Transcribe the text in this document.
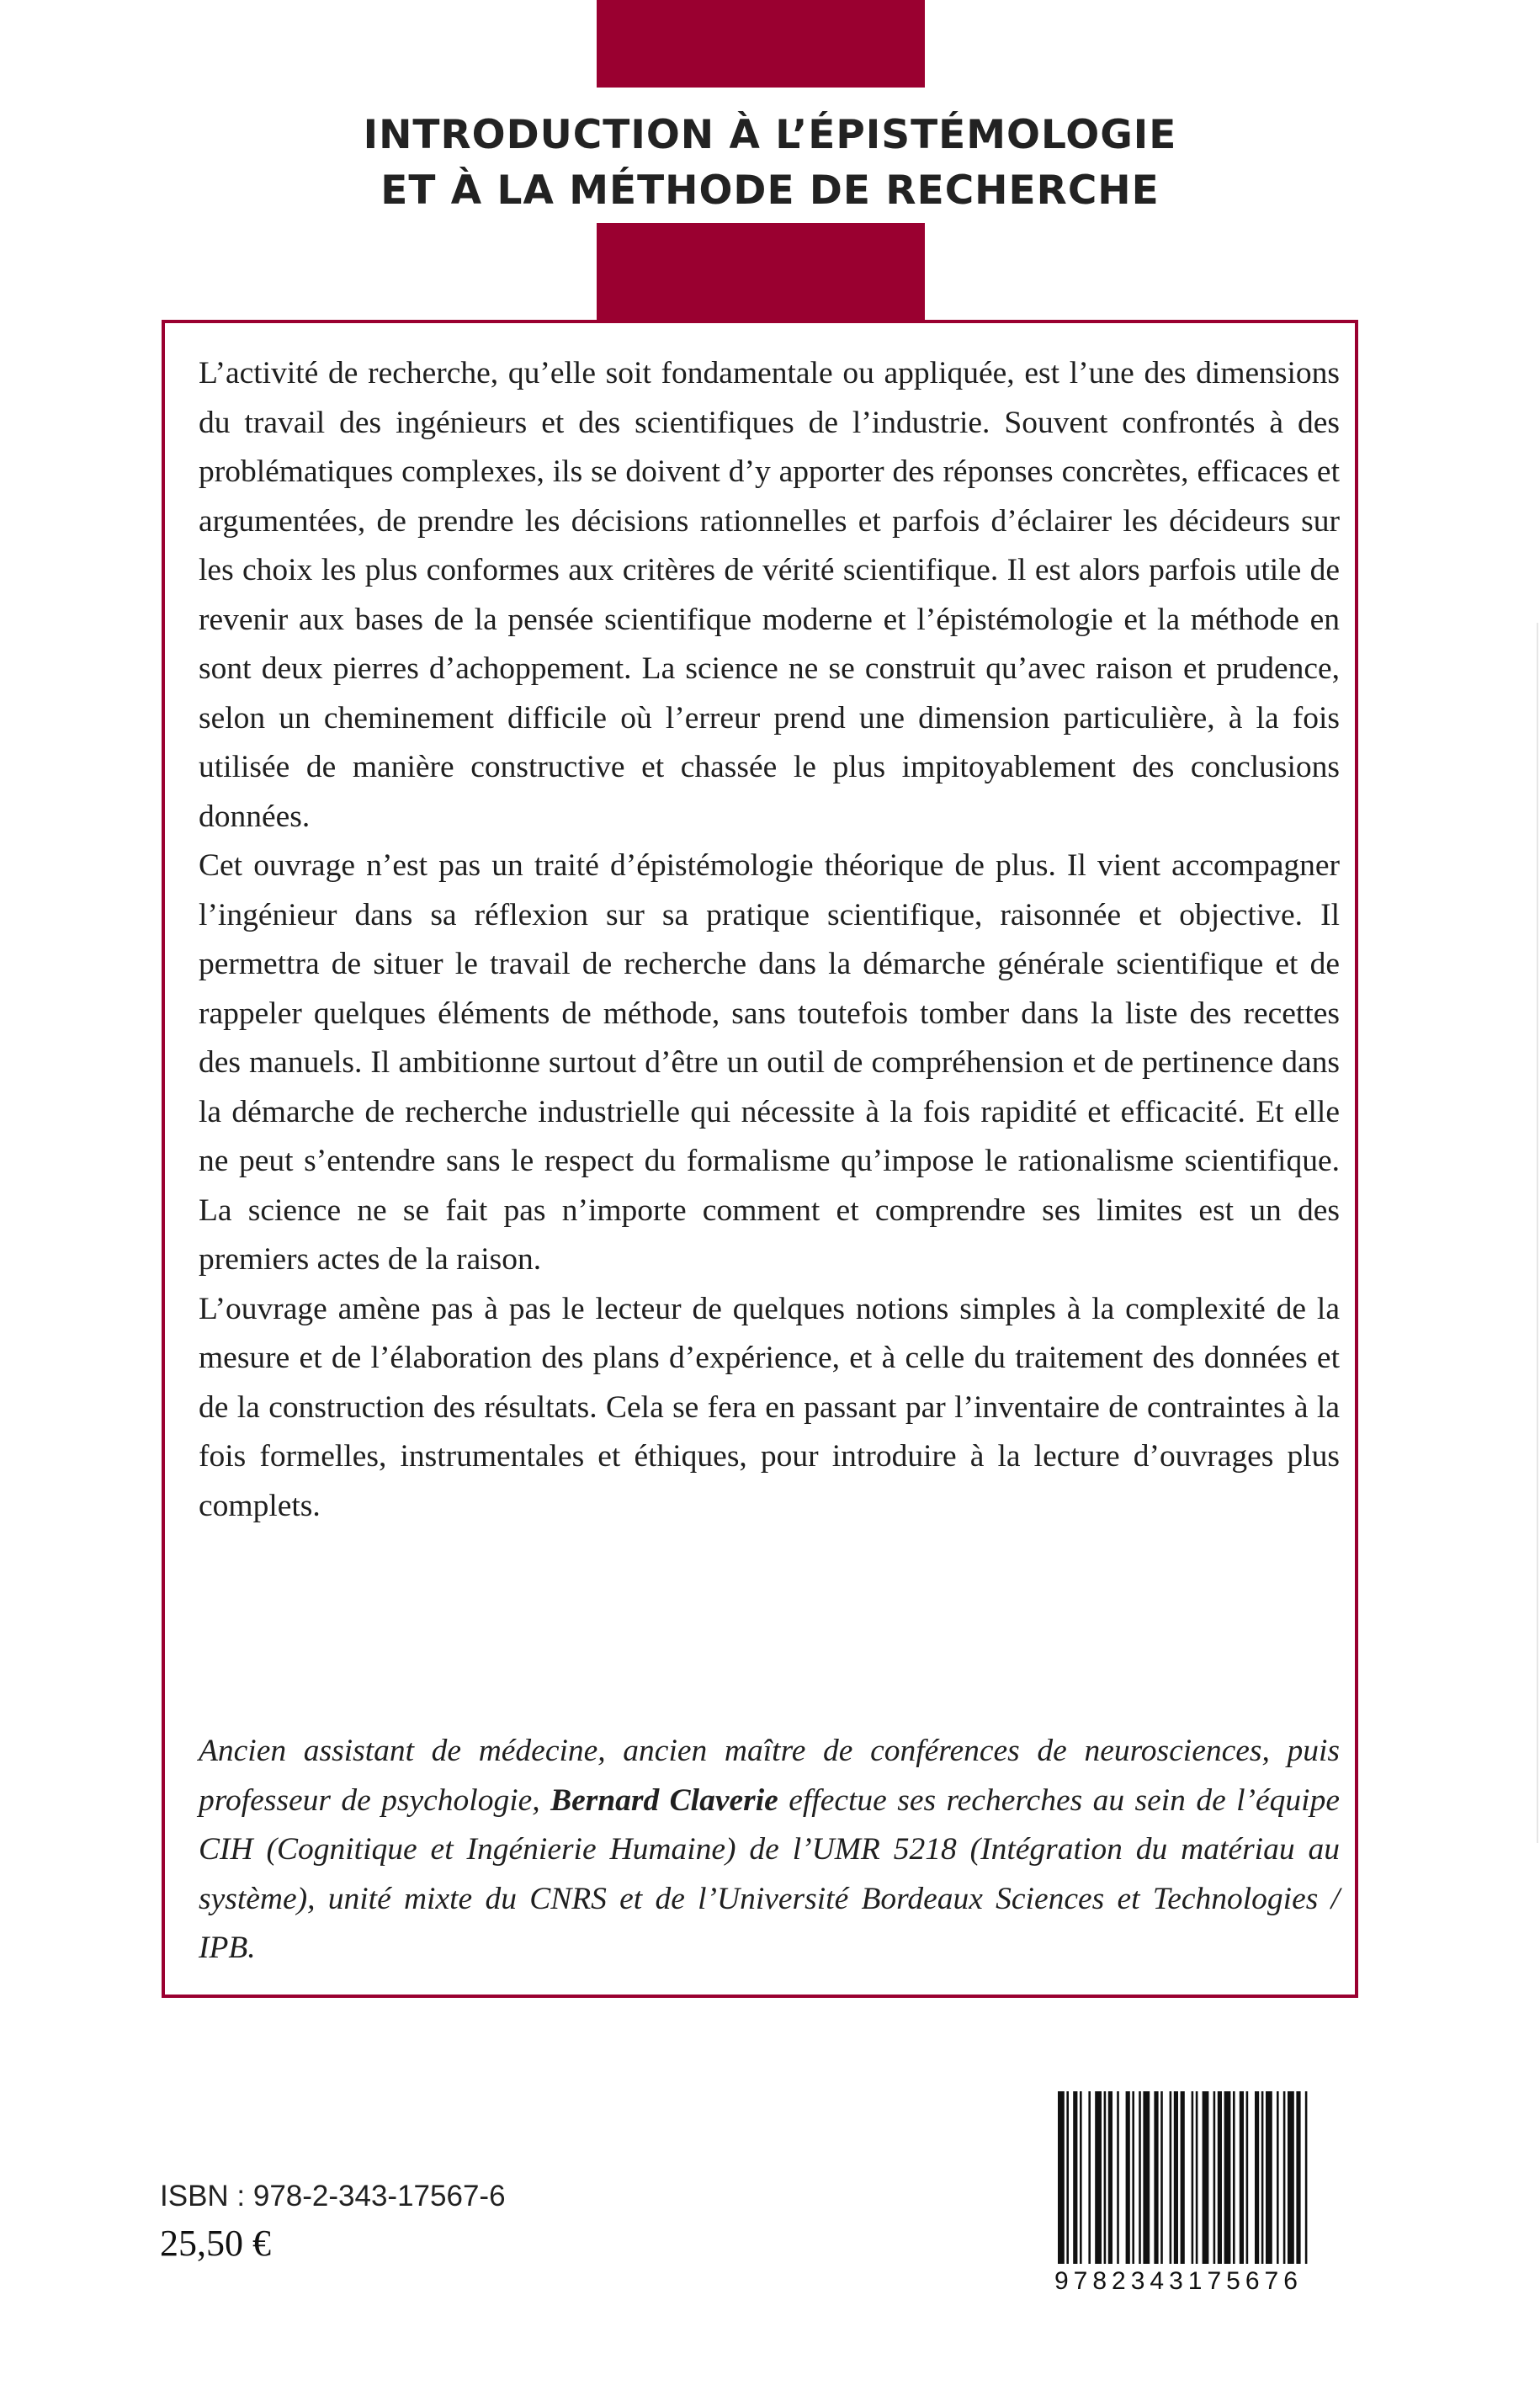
INTRODUCTION À L’ÉPISTÉMOLOGIE
ET À LA MÉTHODE DE RECHERCHE

L’activité de recherche, qu’elle soit fondamentale ou appliquée, est l’une des dimensions du travail des ingénieurs et des scientifiques de l’industrie. Souvent confrontés à des problématiques complexes, ils se doivent d’y apporter des réponses concrètes, efficaces et argumentées, de prendre les décisions rationnelles et parfois d’éclairer les décideurs sur les choix les plus conformes aux critères de vérité scientifique. Il est alors parfois utile de revenir aux bases de la pensée scientifique moderne et l’épistémologie et la méthode en sont deux pierres d’achoppement. La science ne se construit qu’avec raison et prudence, selon un cheminement difficile où l’erreur prend une dimension particulière, à la fois utilisée de manière constructive et chassée le plus impitoyablement des conclusions données.

Cet ouvrage n’est pas un traité d’épistémologie théorique de plus. Il vient accompagner l’ingénieur dans sa réflexion sur sa pratique scientifique, raisonnée et objective. Il permettra de situer le travail de recherche dans la démarche générale scientifique et de rappeler quelques éléments de méthode, sans toutefois tomber dans la liste des recettes des manuels. Il ambitionne surtout d’être un outil de compréhension et de pertinence dans la démarche de recherche industrielle qui nécessite à la fois rapidité et efficacité. Et elle ne peut s’entendre sans le respect du formalisme qu’impose le rationalisme scientifique. La science ne se fait pas n’importe comment et comprendre ses limites est un des premiers actes de la raison.

L’ouvrage amène pas à pas le lecteur de quelques notions simples à la complexité de la mesure et de l’élaboration des plans d’expérience, et à celle du traitement des données et de la construction des résultats. Cela se fera en passant par l’inventaire de contraintes à la fois formelles, instrumentales et éthiques, pour introduire à la lecture d’ouvrages plus complets.

Ancien assistant de médecine, ancien maître de conférences de neurosciences, puis professeur de psychologie, Bernard Claverie effectue ses recherches au sein de l’équipe CIH (Cognitique et Ingénierie Humaine) de l’UMR 5218 (Intégration du matériau au système), unité mixte du CNRS et de l’Université Bordeaux Sciences et Technologies / IPB.

ISBN : 978-2-343-17567-6
25,50 €
9782343175676
